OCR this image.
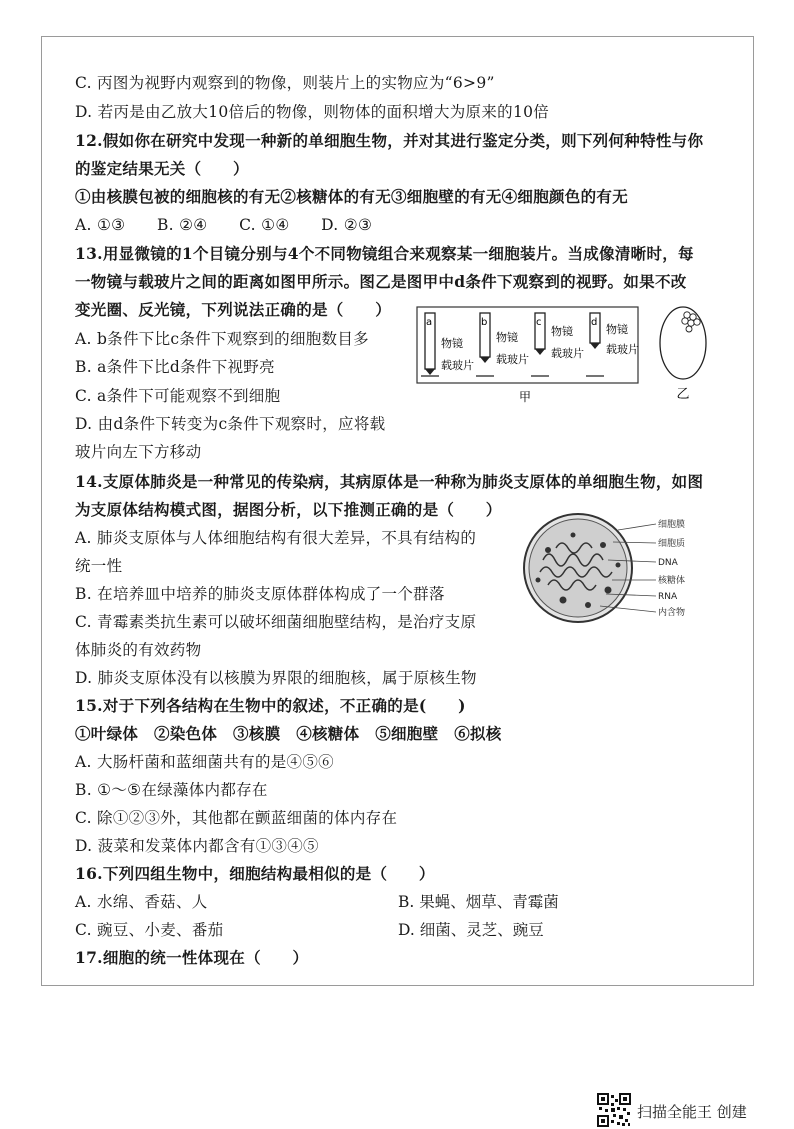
C. 丙图为视野内观察到的物像，则装片上的实物应为“6>9”
D. 若丙是由乙放大10倍后的物像，则物体的面积增大为原来的10倍
12.假如你在研究中发现一种新的单细胞生物，并对其进行鉴定分类，则下列何种特性与你
的鉴定结果无关（　　）
①由核膜包被的细胞核的有无②核糖体的有无③细胞壁的有无④细胞颜色的有无
A. ①③　　B. ②④　　C. ①④　　D. ②③
13.用显微镜的1个目镜分别与4个不同物镜组合来观察某一细胞装片。当成像清晰时，每
一物镜与载玻片之间的距离如图甲所示。图乙是图甲中d条件下观察到的视野。如果不改
变光圈、反光镜，下列说法正确的是（　　）
A. b条件下比c条件下观察到的细胞数目多
B. a条件下比d条件下视野亮
C. a条件下可能观察不到细胞
D. 由d条件下转变为c条件下观察时，应将载
玻片向左下方移动
a
物镜
载玻片
b
物镜
载玻片
c
物镜
载玻片
d
物镜
载玻片
甲	乙
14.支原体肺炎是一种常见的传染病，其病原体是一种称为肺炎支原体的单细胞生物，如图
为支原体结构模式图，据图分析，以下推测正确的是（　　）
A. 肺炎支原体与人体细胞结构有很大差异，不具有结构的
统一性
B. 在培养皿中培养的肺炎支原体群体构成了一个群落
C. 青霉素类抗生素可以破坏细菌细胞壁结构，是治疗支原
体肺炎的有效药物
D. 肺炎支原体没有以核膜为界限的细胞核，属于原核生物
细胞膜
细胞质
DNA
核糖体
RNA
内含物
15.对于下列各结构在生物中的叙述，不正确的是(　　)
①叶绿体　②染色体　③核膜　④核糖体　⑤细胞壁　⑥拟核
A. 大肠杆菌和蓝细菌共有的是④⑤⑥
B. ①～⑤在绿藻体内都存在
C. 除①②③外，其他都在颤蓝细菌的体内存在
D. 菠菜和发菜体内都含有①③④⑤
16.下列四组生物中，细胞结构最相似的是（　　）
A. 水绵、香菇、人	B. 果蝇、烟草、青霉菌
C. 豌豆、小麦、番茄	D. 细菌、灵芝、豌豆
17.细胞的统一性体现在（　　）
扫描全能王 创建
